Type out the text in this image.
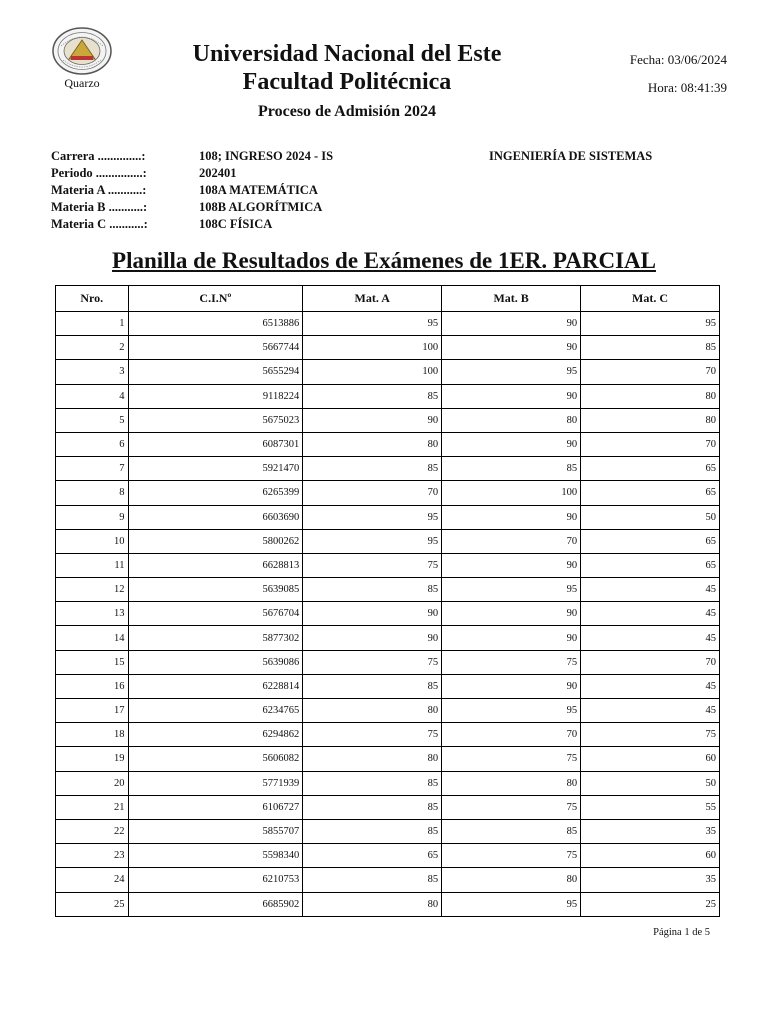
Quarzo
Universidad Nacional del Este
Facultad Politécnica
Proceso de Admisión 2024
Fecha: 03/06/2024
Hora: 08:41:39
Carrera ..............:	108; INGRESO 2024 - IS	INGENIERÍA DE SISTEMAS
Periodo ...............:	202401
Materia A ...........:	108A MATEMÁTICA
Materia B ...........:	108B ALGORÍTMICA
Materia C ...........:	108C FÍSICA
Planilla de Resultados de Exámenes de 1ER. PARCIAL
Nro.	C.I.Nº	Mat. A	Mat. B	Mat. C
1	6513886	95	90	95
2	5667744	100	90	85
3	5655294	100	95	70
4	9118224	85	90	80
5	5675023	90	80	80
6	6087301	80	90	70
7	5921470	85	85	65
8	6265399	70	100	65
9	6603690	95	90	50
10	5800262	95	70	65
11	6628813	75	90	65
12	5639085	85	95	45
13	5676704	90	90	45
14	5877302	90	90	45
15	5639086	75	75	70
16	6228814	85	90	45
17	6234765	80	95	45
18	6294862	75	70	75
19	5606082	80	75	60
20	5771939	85	80	50
21	6106727	85	75	55
22	5855707	85	85	35
23	5598340	65	75	60
24	6210753	85	80	35
25	6685902	80	95	25
Página 1 de 5
